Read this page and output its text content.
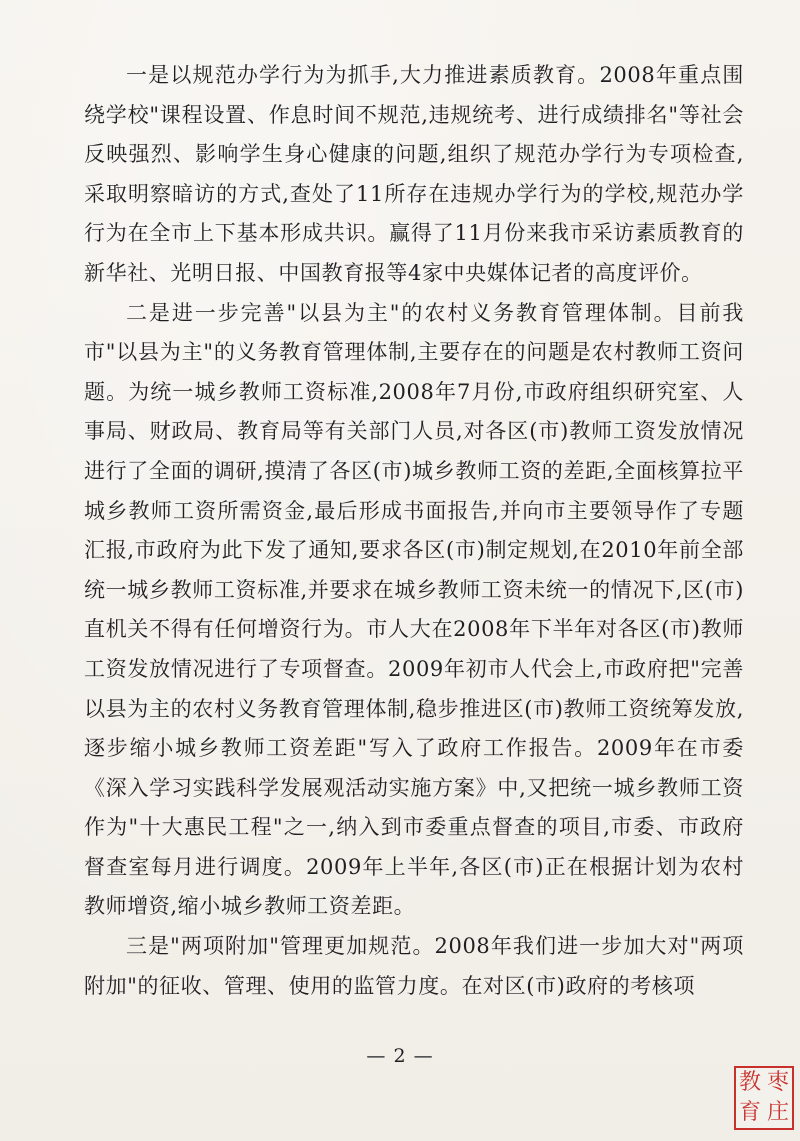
一是以规范办学行为为抓手,大力推进素质教育。2008年重点围绕学校"课程设置、作息时间不规范,违规统考、进行成绩排名"等社会反映强烈、影响学生身心健康的问题,组织了规范办学行为专项检查,采取明察暗访的方式,查处了11所存在违规办学行为的学校,规范办学行为在全市上下基本形成共识。赢得了11月份来我市采访素质教育的新华社、光明日报、中国教育报等4家中央媒体记者的高度评价。

二是进一步完善"以县为主"的农村义务教育管理体制。目前我市"以县为主"的义务教育管理体制,主要存在的问题是农村教师工资问题。为统一城乡教师工资标准,2008年7月份,市政府组织研究室、人事局、财政局、教育局等有关部门人员,对各区(市)教师工资发放情况进行了全面的调研,摸清了各区(市)城乡教师工资的差距,全面核算拉平城乡教师工资所需资金,最后形成书面报告,并向市主要领导作了专题汇报,市政府为此下发了通知,要求各区(市)制定规划,在2010年前全部统一城乡教师工资标准,并要求在城乡教师工资未统一的情况下,区(市)直机关不得有任何增资行为。市人大在2008年下半年对各区(市)教师工资发放情况进行了专项督查。2009年初市人代会上,市政府把"完善以县为主的农村义务教育管理体制,稳步推进区(市)教师工资统筹发放,逐步缩小城乡教师工资差距"写入了政府工作报告。2009年在市委《深入学习实践科学发展观活动实施方案》中,又把统一城乡教师工资作为"十大惠民工程"之一,纳入到市委重点督查的项目,市委、市政府督查室每月进行调度。2009年上半年,各区(市)正在根据计划为农村教师增资,缩小城乡教师工资差距。

三是"两项附加"管理更加规范。2008年我们进一步加大对"两项附加"的征收、管理、使用的监管力度。在对区(市)政府的考核项

— 2 —
枣
庄
教
育
